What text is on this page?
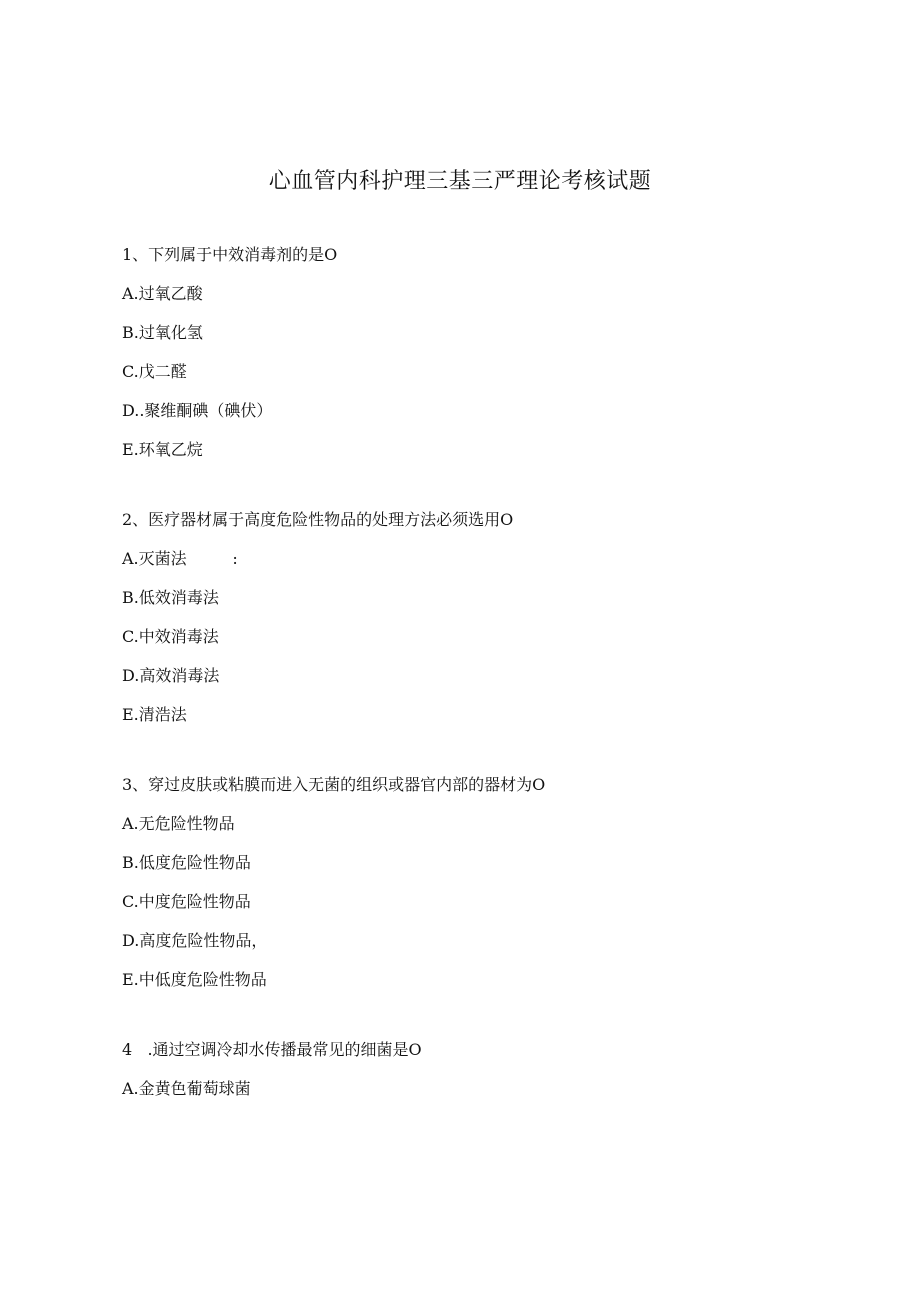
心血管内科护理三基三严理论考核试题
1、下列属于中效消毒剂的是O
A.过氧乙酸
B.过氧化氢
C.戊二醛
D..聚维酮碘（碘伏）
E.环氧乙烷
2、医疗器材属于高度危险性物品的处理方法必须选用O
A.灭菌法         :
B.低效消毒法
C.中效消毒法
D.高效消毒法
E.清浩法
3、穿过皮肤或粘膜而进入无菌的组织或器官内部的器材为O
A.无危险性物品
B.低度危险性物品
C.中度危险性物品
D.高度危险性物品，
E.中低度危险性物品
4   .通过空调冷却水传播最常见的细菌是O
A.金黄色葡萄球菌
